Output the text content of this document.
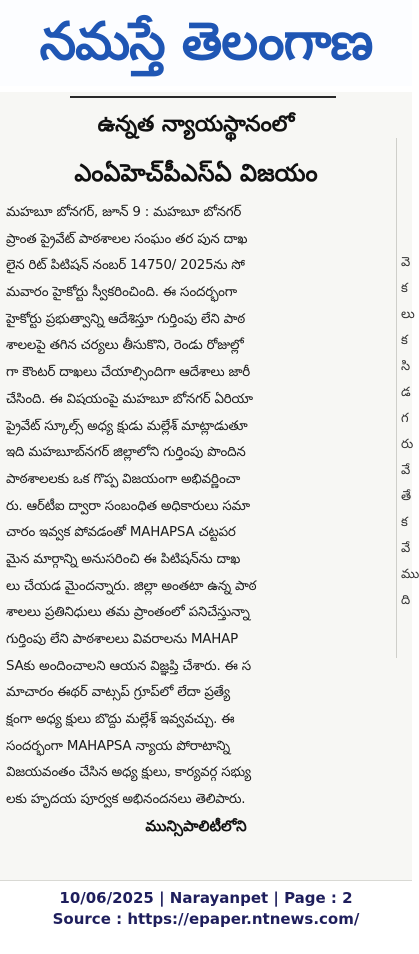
నమస్తే తెలంగాణ
ఉన్నత న్యాయస్థానంలో
ఎంఏహెచ్‌పీఎస్ఏ విజయం
మహబూ బోనగర్, జూన్ 9 : మహబూ బోనగర్
ప్రాంత ప్రైవేట్ పాఠశాలల సంఘం తర పున దాఖ
లైన రిట్ పిటిషన్ నంబర్ 14750/ 2025ను సో
మవారం హైకోర్టు స్వీకరించింది. ఈ సందర్భంగా
హైకోర్టు ప్రభుత్వాన్ని ఆదేశిస్తూ గుర్తింపు లేని పాఠ
శాలలపై తగిన చర్యలు తీసుకొని, రెండు రోజుల్లో
గా కౌంటర్ దాఖలు చేయాల్సిందిగా ఆదేశాలు జారీ
చేసింది. ఈ విషయంపై మహబూ బోనగర్ ఏరియా
ప్రైవేట్ స్కూల్స్ అధ్య క్షుడు మల్లేశ్ మాట్లాడుతూ
ఇది మహబూబ్‌నగర్ జిల్లాలోని గుర్తింపు పొందిన
పాఠశాలలకు ఒక గొప్ప విజయంగా అభివర్ణించా
రు. ఆర్‌టీఐ ద్వారా సంబంధిత అధికారులు సమా
చారం ఇవ్వక పోవడంతో MAHAPSA చట్టపర
మైన మార్గాన్ని అనుసరించి ఈ పిటిషన్‌ను దాఖ
లు చేయడ మైందన్నారు. జిల్లా అంతటా ఉన్న పాఠ
శాలలు ప్రతినిధులు తమ ప్రాంతంలో పనిచేస్తున్నా
గుర్తింపు లేని పాఠశాలలు వివరాలను MAHAP
SAకు అందించాలని ఆయన విజ్ఞప్తి చేశారు. ఈ స
మాచారం ఈథర్ వాట్సప్ గ్రూప్‌లో లేదా ప్రత్యే
క్షంగా అధ్య క్షులు బొద్దు మల్లేశ్ ఇవ్వవచ్చు. ఈ
సందర్భంగా MAHAPSA న్యాయ పోరాటాన్ని
విజయవంతం చేసిన అధ్య క్షులు, కార్యవర్గ సభ్యు
లకు హృదయ పూర్వక అభినందనలు తెలిపారు.
మున్సిపాలిటీలోని
వె
క
లు
క
సి
డ
గ
రు
వే
తే
క
వే
ము
ది
10/06/2025 | Narayanpet | Page : 2
Source : https://epaper.ntnews.com/
